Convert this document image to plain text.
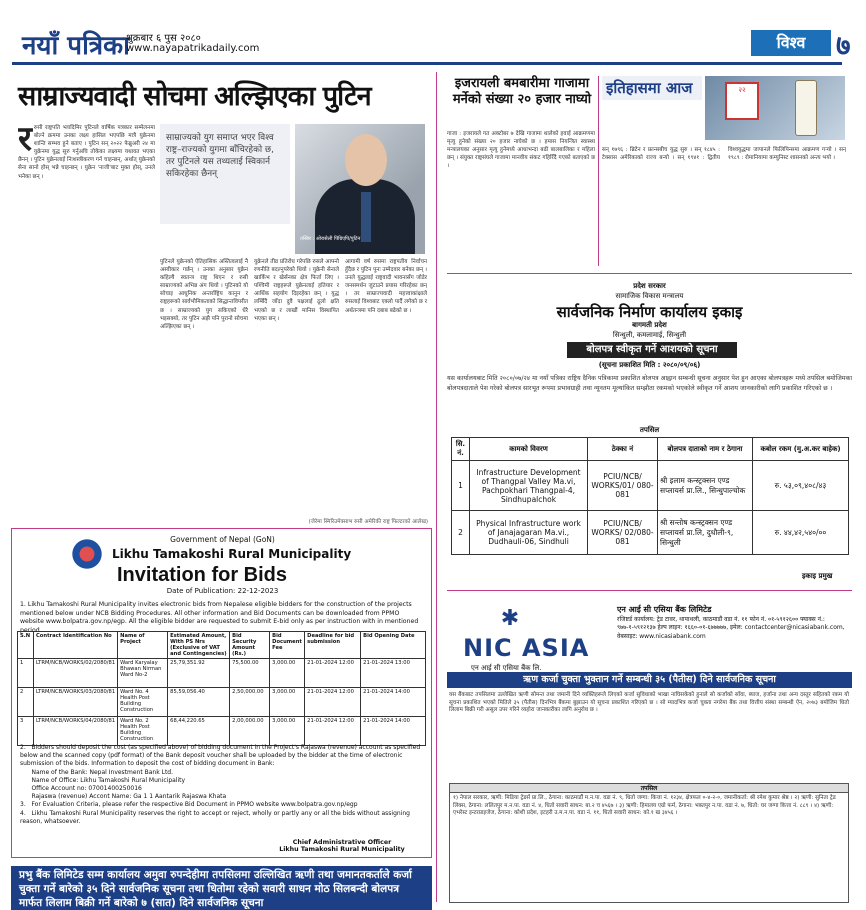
नयाँ पत्रिका
शुक्रबार ६ पुस २०८०
www.nayapatrikadaily.com	विश्व	७
साम्राज्यवादी सोचमा अल्झिएका पुटिन
ररुसी राष्ट्रपति भ्लादिमिर पुटिनले वार्षिक पत्रकार सम्मेलनमा बोल्ने क्रममा उनका लक्ष्य हासिल भएपछि मात्रै युक्रेनमा शान्ति सम्भव हुने बताए । पुटिन सन् २०२२ फेब्रुअरी २४ मा युक्रेनमा युद्ध सुरु गर्नुअघि तोकेका लक्ष्यमा यथावत भएका छैनन् । पुटिन युक्रेनलाई निःशस्त्रीकरण गर्न चाहन्छन्, अर्थात् युक्रेनको सेना सानो होस् भन्ने चाहन्छन् । युक्रेन 'नाजी'बाट मुक्त होस्, उनले भनेका छन् ।
साम्राज्यको युग समाप्त भएर विश्व राष्ट्र–राज्यको युगमा बाँचिरहेको छ, तर पुटिनले यस तथ्यलाई स्विकार्न सकिरहेका छैनन्
तस्बिर : ओरासेली पिंग्रिएपि/पुटिन
पुटिनले युक्रेनको ऐतिहासिक अस्तित्वलाई नै अस्वीकार गर्छन् । उनका अनुसार युक्रेन कहिल्यै स्वतन्त्र राष्ट्र थिएन र रुसी साम्राज्यको अभिन्न अंग थियो । पुटिनको यो सोचाइ आधुनिक अन्तर्राष्ट्रिय कानुन र राष्ट्रहरूको सार्वभौमिकताको सिद्धान्तविपरीत छ । साम्राज्यको युग सकिएको धेरै भइसक्यो, तर पुटिन अझै पनि पुरानो सोचमा अल्झिएका छन् ।
युक्रेनले तीव्र प्रतिरोध गरेपछि रुसले आफ्नो रणनीति बदल्नुपरेको थियो । युक्रेनी सेनाले खार्किभ र खेर्सनका क्षेत्र फिर्ता लिए । पश्चिमी राष्ट्रहरूले युक्रेनलाई हतियार र आर्थिक सहयोग दिइरहेका छन् । युद्ध लम्बिँदै जाँदा दुवै पक्षलाई ठूलो क्षति भएको छ र लाखौं मानिस विस्थापित भएका छन् ।
आगामी वर्ष रुसमा राष्ट्रपतीय निर्वाचन हुँदैछ र पुटिन पुनः उम्मेदवार बनेका छन् । उनले युद्धलाई राष्ट्रवादी भावनासँग जोडेर जनसमर्थन जुटाउने प्रयास गरिरहेका छन् । तर साम्राज्यवादी महत्त्वाकांक्षाले रुसलाई विश्वबाट एक्लो पार्दै लगेको छ र अर्थतन्त्रमा पनि दबाब बढेको छ ।
(जेरेमा स्मिरिउमेक्साभ रुसी अमेरिकी राष्ट्र फिल्टरको आलेख)
इजरायली बमबारीमा गाजामा मर्नेको संख्या २० हजार नाघ्यो
गाजा : इजरायले गत अक्टोबर ७ देखि गाजामा थालेको हवाई आक्रमणमा मृत्यु हुनेको संख्या २० हजार नाघेको छ । हमास नियन्त्रित स्वास्थ्य मन्त्रालयका अनुसार मृत्यु हुनेमध्ये आधाभन्दा बढी बालबालिका र महिला छन् । संयुक्त राष्ट्रसंघले गाजामा मानवीय संकट गहिरिँदै गएको बताएको छ ।
इतिहासमा आज	२२
सन् १७९६ : ब्रिटेन र फ्रान्सबीच युद्ध सुरु । सन् १८४५ : टेक्सास अमेरिकाको राज्य बन्यो । सन् १९४१ : द्वितीय विश्वयुद्धमा जापानले फिलिपिन्समा आक्रमण गर्‍यो । सन् १९८९ : रोमानियामा कम्युनिस्ट शासनको अन्त्य भयो ।
प्रदेश सरकार
सामाजिक विकास मन्त्रालय
सार्वजनिक निर्माण कार्यालय इकाइ
बागमती प्रदेश
सिन्धुली, कमलामाई, सिन्धुली
बोलपत्र स्वीकृत गर्ने आशयको सूचना
(सूचना प्रकाशित मिति : २०८०/०९/०६)
यस कार्यालयबाट मिति २०८०/०७/२४ मा नयाँ पत्रिका राष्ट्रिय दैनिक पत्रिकामा प्रकाशित बोलपत्र आह्वान सम्बन्धी सूचना अनुसार पेश हुन आएका बोलपत्रहरू मध्ये तपसिल बमोजिमका बोलपत्रदाताले पेश गरेको बोलपत्र सारभूत रूपमा प्रभावग्राही तथा न्यूनतम मूल्यांकित सम्झौता रकमको भएकोले स्वीकृत गर्ने आशय जानकारीको लागि प्रकाशित गरिएको छ ।
तपसिल
सि. नं.	कामको विवरण	ठेक्का नं	बोलपत्र दाताको नाम र ठेगाना	कबोल रकम (मु.अ.कर बाहेक)
1	Infrastructure Development of Thangpal Valley Ma.vi, Pachpokhari Thangpal-4, Sindhupalchok	PCIU/NCB/ WORKS/01/ 080-081	श्री इलाम कन्स्ट्रक्सन एण्ड सप्लायर्स प्रा.लि., सिन्धुपाल्चोक	रु. ५३,०९,४०८/४३
2	Physical Infrastructure work of Janajagaran Ma.vi., Dudhauli-06, Sindhuli	PCIU/NCB/ WORKS/ 02/080-081	श्री सन्तोष कन्स्ट्रक्सन एण्ड सप्लायर्स प्रा.लि, दुधौली-९, सिन्धुली	रु. ४४,४२,५४०/००
इकाइ प्रमुख
Government of Nepal (GoN)
Likhu Tamakoshi Rural Municipality
Invitation for Bids
Date of Publication: 22-12-2023
1. Likhu Tamakoshi Rural Municipality invites electronic bids from Nepalese eligible bidders for the construction of the projects mentioned below under NCB Bidding Procedures. All other information and Bid Documents can be downloaded from PPMO website www.bolpatra.gov.np/egp. All the eligible bidder are requested to submit E-bid only as per instruction with in mentioned period.
S.N	Contract Identification No	Name of Project	Estimated Amount, With PS Nrs (Exclusive of VAT and Contingencies)	Bid Security Amount (Rs.)	Bid Document Fee	Deadline for bid submission	Bid Opening Date
1	LTRM/NCB/WORKS/02/2080/81	Ward Karyalay Bhawan Nirman Ward No-2	25,79,351.92	75,500.00	3,000.00	21-01-2024 12:00	21-01-2024 13:00
2	LTRM/NCB/WORKS/03/2080/81	Ward No. 4 Health Post Building Construction	85,59,056.40	2,50,000.00	3,000.00	21-01-2024 12:00	21-01-2024 14:00
3	LTRM/NCB/WORKS/04/2080/81	Ward No. 2 Health Post Building Construction	68,44,220.65	2,00,000.00	3,000.00	21-01-2024 12:00	21-01-2024 14:00
2.   Bidders should deposit the cost (as specified above) of bidding document in the Project's Rajaswa (revenue) account as specified below and the scanned copy (pdf format) of the Bank deposit voucher shall be uploaded by the bidder at the time of electronic submission of the bids. Information to deposit the cost of bidding document in Bank:
Name of the Bank: Nepal Investment Bank Ltd.
Name of Office: Likhu Tamakoshi Rural Municipality
Office Account no: 07001400250016
Rajaswa (revenue) Accont Name: Ga 1 1 Aantarik Rajaswa Khata
3.   For Evaluation Criteria, please refer the respective Bid Document in PPMO website www.bolpatra.gov.np/egp
4.   Likhu Tamakoshi Rural Municipality reserves the right to accept or reject, wholly or partly any or all the bids without assigning reason, whatsoever.
Chief Administrative Officer
Likhu Tamakoshi Rural Municipality
प्रभु बैंक लिमिटेड सम्म कार्यालय अमुवा रुपन्देहीमा तपसिलमा उल्लिखित ऋणी तथा जमानतकर्ताले कर्जा चुक्ता गर्ने बारेको ३५ दिने सार्वजनिक सूचना तथा धितोमा रहेको सवारी साधन मोठ सिलबन्दी बोलपत्र मार्फत लिलाम बिक्री गर्ने बारेको ७ (सात) दिने सार्वजनिक सूचना
✱
NIC ASIA
एन आई सी एसिया बैंक लि.
एन आई सी एसिया बैंक लिमिटेड
रजिष्टर्ड कार्यालय: ट्रेड टावर, थापाथली, काठमाडौं वडा नं. ११ फोन नं. ०१-५९१२६०० फ्याक्स नं.: ९७७-१-५९१२१३७ हेल्प लाइन: १६६०-०१-६७७७७७, इमेल: contactcenter@nicasiabank.com, वेबसाइट: www.nicasiabank.com
ऋण कर्जा चुक्ता भुक्तान गर्ने सम्बन्धी ३५ (पैतीस) दिने सार्वजनिक सूचना
यस बैंकबाट तपसिलमा उल्लेखित ऋणी सोमन्त तथा जमानी दिने व्यक्तिहरूले लिएको कर्जा सुविधाको भाखा नाघिसकेको हुनाले सो कर्जाको साँवा, ब्याज, हर्जाना तथा अन्य दस्तुर सहितको रकम यो सूचना प्रकाशित भएको मितिले ३५ (पैतीस) दिनभित्र बैंकमा बुझाउन यो सूचना प्रकाशित गरिएको छ । सो म्यादभित्र कर्जा चुक्ता नगरेमा बैंक तथा वित्तीय संस्था सम्बन्धी ऐन, २०७३ बमोजिम धितो लिलाम बिक्री गरी असुल उपर गरिने व्यहोरा जानकारीका लागि अनुरोध छ ।
तपसिल
१) नेपाल सरकार, ऋणी: मिडिया ट्रेडर्स प्रा.लि., ठेगाना: काठमाडौं म.न.पा. वडा नं. ९, धितो जग्गा: कित्ता नं. १२३४, क्षेत्रफल ०-४-२-०, जमानीकर्ता: श्री रमेश कुमार श्रेष्ठ । २) ऋणी: सुनिता ट्रेड लिंक्स, ठेगाना: ललितपुर म.न.पा. वडा नं. ४, धितो सवारी साधन: बा.२ च ४५६७ । ३) ऋणी: हिमालय एग्रो फर्म, ठेगाना: भक्तपुर न.पा. वडा नं. ७, धितो: घर जग्गा कित्ता नं. ८८९ । ४) ऋणी: एभरेस्ट इन्टरप्राइजेज, ठेगाना: कोशी प्रदेश, इटहरी उ.म.न.पा. वडा नं. ११, धितो सवारी साधन: को.१ ख ३४५६ ।
